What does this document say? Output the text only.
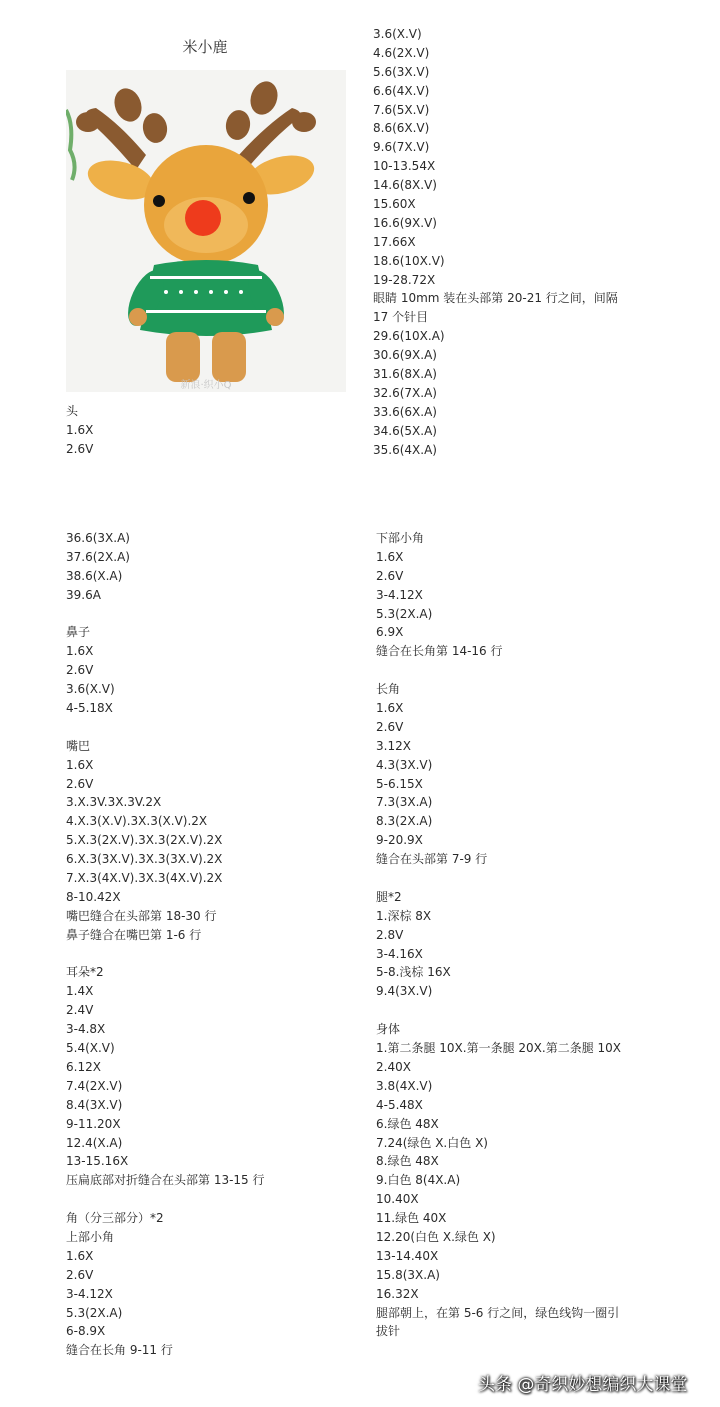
米小鹿
新浪·织小Q
头
1.6X
2.6V
3.6(X.V)
4.6(2X.V)
5.6(3X.V)
6.6(4X.V)
7.6(5X.V)
8.6(6X.V)
9.6(7X.V)
10-13.54X
14.6(8X.V)
15.60X
16.6(9X.V)
17.66X
18.6(10X.V)
19-28.72X
眼睛 10mm 装在头部第 20-21 行之间，间隔
17 个针目
29.6(10X.A)
30.6(9X.A)
31.6(8X.A)
32.6(7X.A)
33.6(6X.A)
34.6(5X.A)
35.6(4X.A)
36.6(3X.A)
37.6(2X.A)
38.6(X.A)
39.6A
鼻子
1.6X
2.6V
3.6(X.V)
4-5.18X
嘴巴
1.6X
2.6V
3.X.3V.3X.3V.2X
4.X.3(X.V).3X.3(X.V).2X
5.X.3(2X.V).3X.3(2X.V).2X
6.X.3(3X.V).3X.3(3X.V).2X
7.X.3(4X.V).3X.3(4X.V).2X
8-10.42X
嘴巴缝合在头部第 18-30 行
鼻子缝合在嘴巴第 1-6 行
耳朵*2
1.4X
2.4V
3-4.8X
5.4(X.V)
6.12X
7.4(2X.V)
8.4(3X.V)
9-11.20X
12.4(X.A)
13-15.16X
压扁底部对折缝合在头部第 13-15 行
角（分三部分）*2
上部小角
1.6X
2.6V
3-4.12X
5.3(2X.A)
6-8.9X
缝合在长角 9-11 行
下部小角
1.6X
2.6V
3-4.12X
5.3(2X.A)
6.9X
缝合在长角第 14-16 行
长角
1.6X
2.6V
3.12X
4.3(3X.V)
5-6.15X
7.3(3X.A)
8.3(2X.A)
9-20.9X
缝合在头部第 7-9 行
腿*2
1.深棕 8X
2.8V
3-4.16X
5-8.浅棕 16X
9.4(3X.V)
身体
1.第二条腿 10X.第一条腿 20X.第二条腿 10X
2.40X
3.8(4X.V)
4-5.48X
6.绿色 48X
7.24(绿色 X.白色 X)
8.绿色 48X
9.白色 8(4X.A)
10.40X
11.绿色 40X
12.20(白色 X.绿色 X)
13-14.40X
15.8(3X.A)
16.32X
腿部朝上，在第 5-6 行之间，绿色线钩一圈引
拔针
头条 @奇织妙想编织大课堂
